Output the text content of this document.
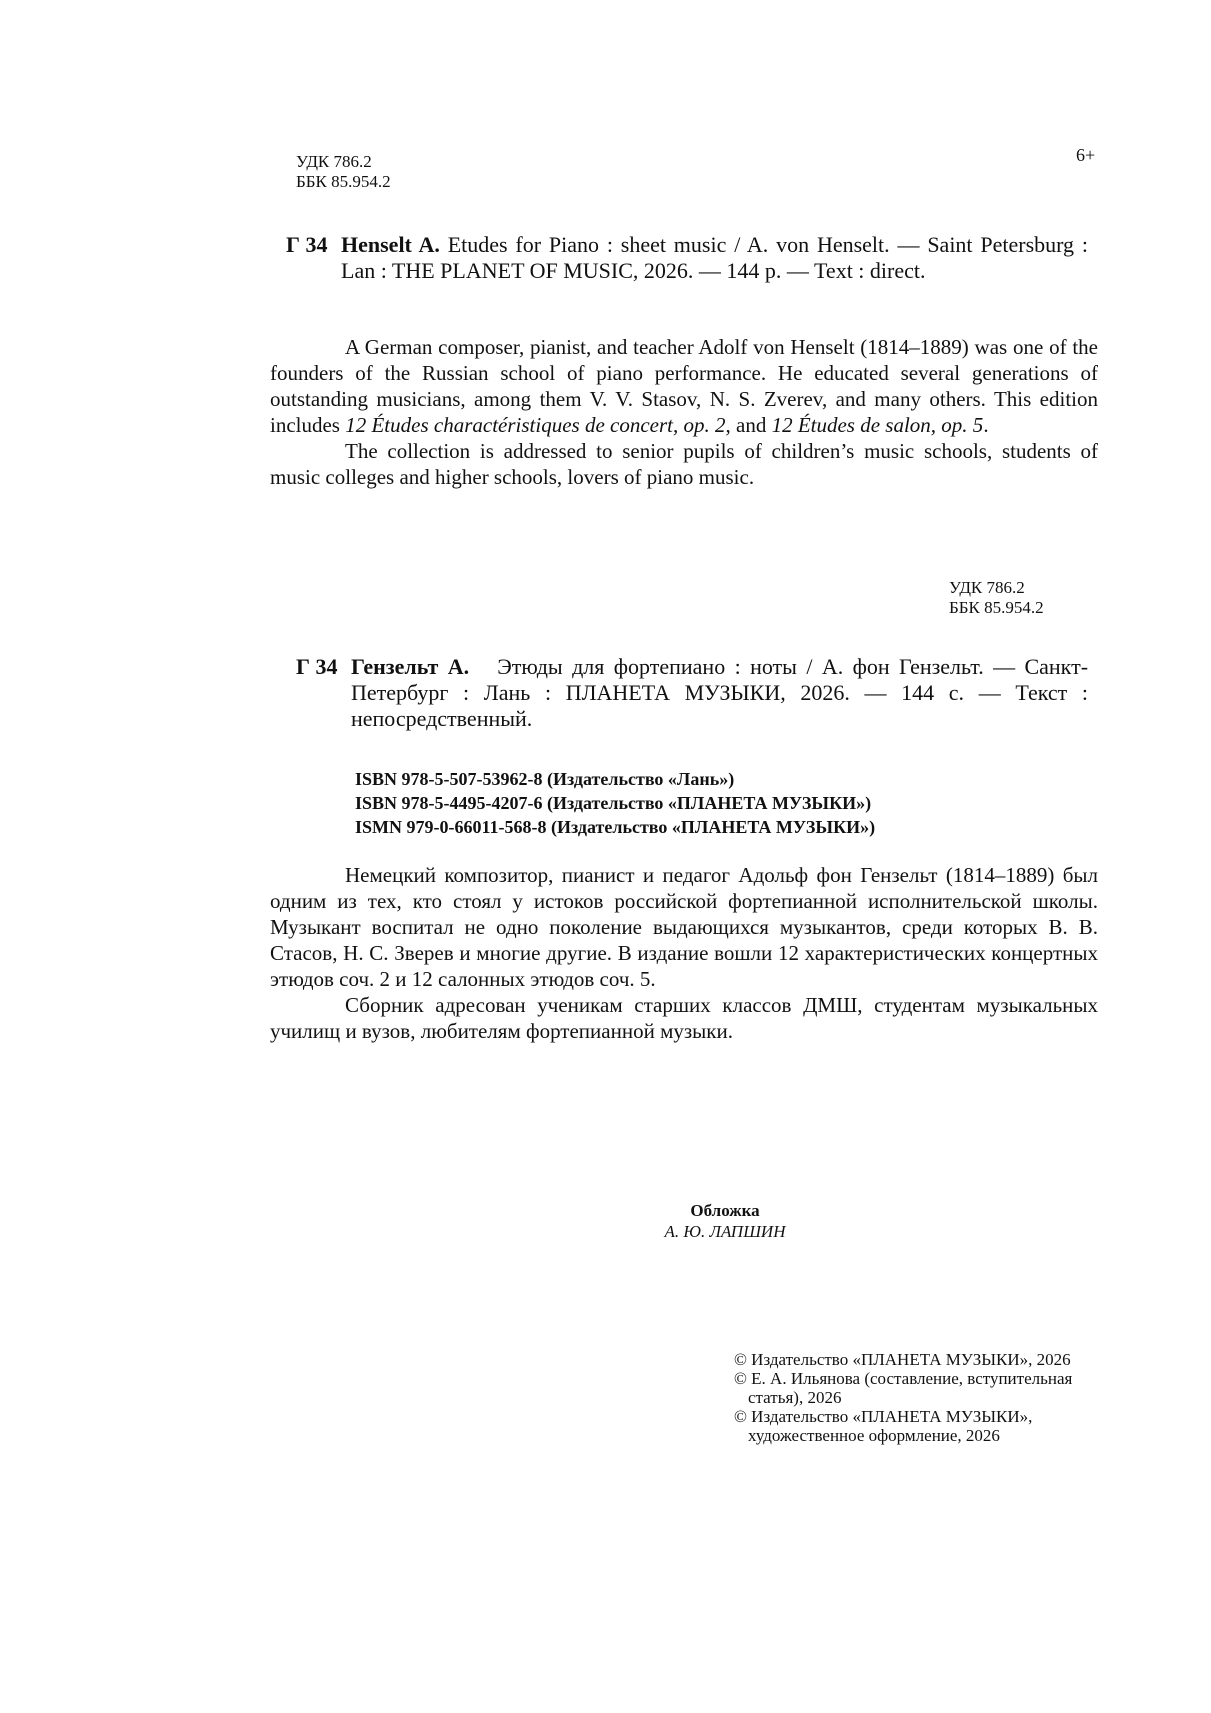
УДК 786.2
ББК 85.954.2
6+
Г 34 Henselt A. Etudes for Piano : sheet music / A. von Henselt. — Saint Petersburg : Lan : THE PLANET OF MUSIC, 2026. — 144 p. — Text : direct.

A German composer, pianist, and teacher Adolf von Henselt (1814–1889) was one of the founders of the Russian school of piano performance. He educated several generations of outstanding musicians, among them V. V. Stasov, N. S. Zverev, and many others. This edition includes 12 Études charactéristiques de concert, op. 2, and 12 Études de salon, op. 5.

The collection is addressed to senior pupils of children’s music schools, students of music colleges and higher schools, lovers of piano music.

УДК 786.2
ББК 85.954.2
Г 34 Гензельт А. Этюды для фортепиано : ноты / А. фон Гензельт. — Санкт-Петербург : Лань : ПЛАНЕТА МУЗЫКИ, 2026. — 144 с. — Текст : непосредственный.

ISBN 978-5-507-53962-8 (Издательство «Лань»)
ISBN 978-5-4495-4207-6 (Издательство «ПЛАНЕТА МУЗЫКИ»)
ISMN 979-0-66011-568-8 (Издательство «ПЛАНЕТА МУЗЫКИ»)

Немецкий композитор, пианист и педагог Адольф фон Гензельт (1814–1889) был одним из тех, кто стоял у истоков российской фортепианной исполнительской школы. Музыкант воспитал не одно поколение выдающихся музыкантов, среди которых В. В. Стасов, Н. С. Зверев и многие другие. В издание вошли 12 характеристических концертных этюдов соч. 2 и 12 салонных этюдов соч. 5.

Сборник адресован ученикам старших классов ДМШ, студентам музыкальных училищ и вузов, любителям фортепианной музыки.

Обложка
А. Ю. ЛАПШИН
© Издательство «ПЛАНЕТА МУЗЫКИ», 2026
© Е. А. Ильянова (составление, вступительная статья), 2026
© Издательство «ПЛАНЕТА МУЗЫКИ», художественное оформление, 2026
